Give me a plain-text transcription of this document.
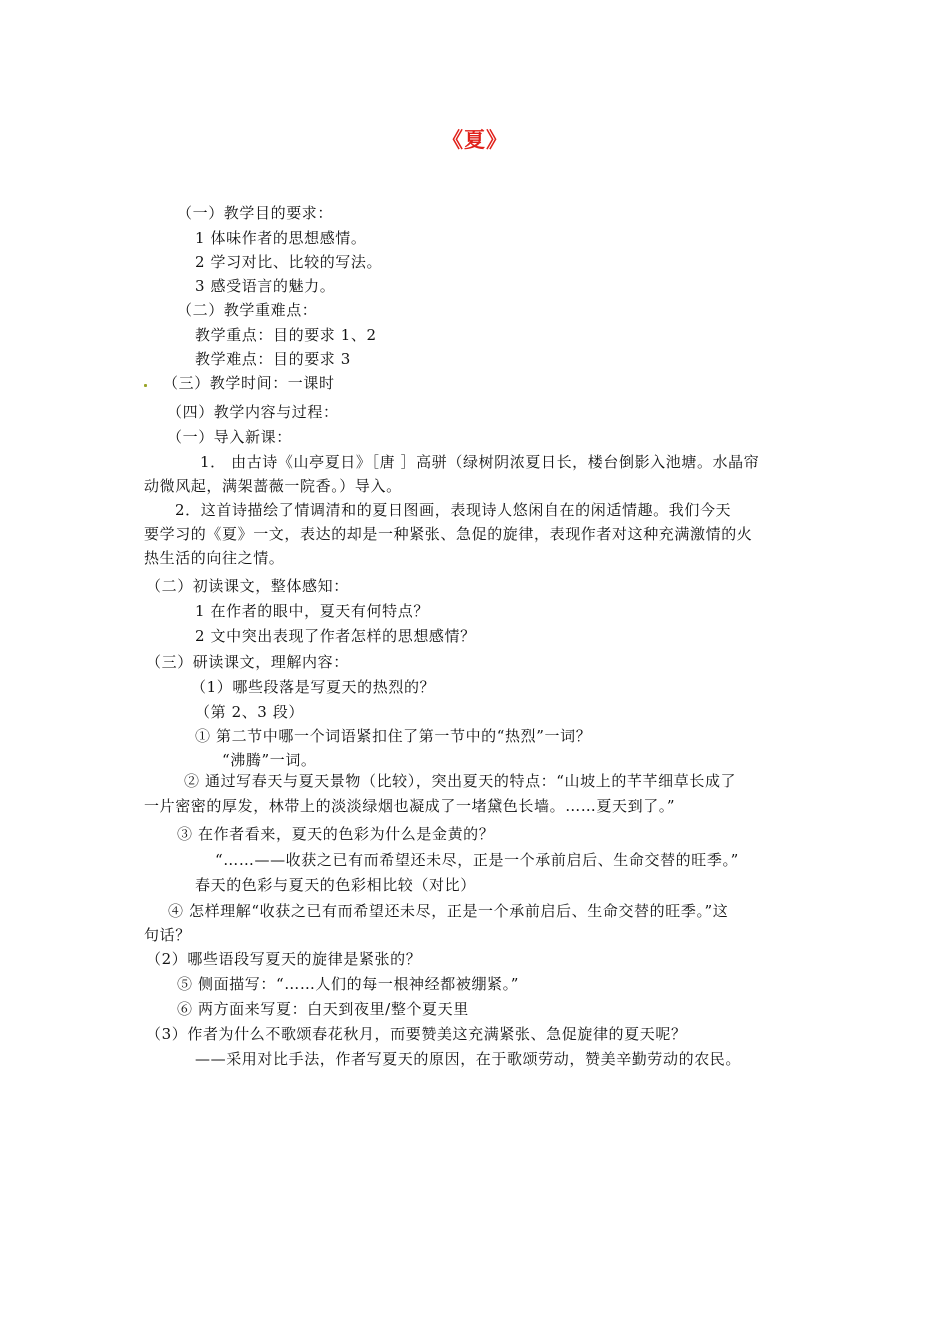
《夏》
（一）教学目的要求：
1 体味作者的思想感情。
2 学习对比、比较的写法。
3 感受语言的魅力。
（二）教学重难点：
教学重点：目的要求 1、2
教学难点：目的要求 3
（三）教学时间：一课时
（四）教学内容与过程：
（一）导入新课：
1． 由古诗《山亭夏日》［唐 ］高骈（绿树阴浓夏日长，楼台倒影入池塘。水晶帘
动微风起，满架蔷薇一院香。）导入。
2．这首诗描绘了情调清和的夏日图画，表现诗人悠闲自在的闲适情趣。我们今天
要学习的《夏》一文，表达的却是一种紧张、急促的旋律，表现作者对这种充满激情的火
热生活的向往之情。
（二）初读课文，整体感知：
1 在作者的眼中，夏天有何特点？
2 文中突出表现了作者怎样的思想感情？
（三）研读课文，理解内容：
（1）哪些段落是写夏天的热烈的？
（第 2、3 段）
① 第二节中哪一个词语紧扣住了第一节中的“热烈”一词？
“沸腾”一词。
② 通过写春天与夏天景物（比较），突出夏天的特点：“山坡上的芊芊细草长成了
一片密密的厚发，林带上的淡淡绿烟也凝成了一堵黛色长墙。……夏天到了。”
③ 在作者看来，夏天的色彩为什么是金黄的？
“……——收获之已有而希望还未尽，正是一个承前启后、生命交替的旺季。”
春天的色彩与夏天的色彩相比较（对比）
④ 怎样理解“收获之已有而希望还未尽，正是一个承前启后、生命交替的旺季。”这
句话？
（2）哪些语段写夏天的旋律是紧张的？
⑤ 侧面描写：“……人们的每一根神经都被绷紧。”
⑥ 两方面来写夏：白天到夜里/整个夏天里
（3）作者为什么不歌颂春花秋月，而要赞美这充满紧张、急促旋律的夏天呢？
——采用对比手法，作者写夏天的原因，在于歌颂劳动，赞美辛勤劳动的农民。
